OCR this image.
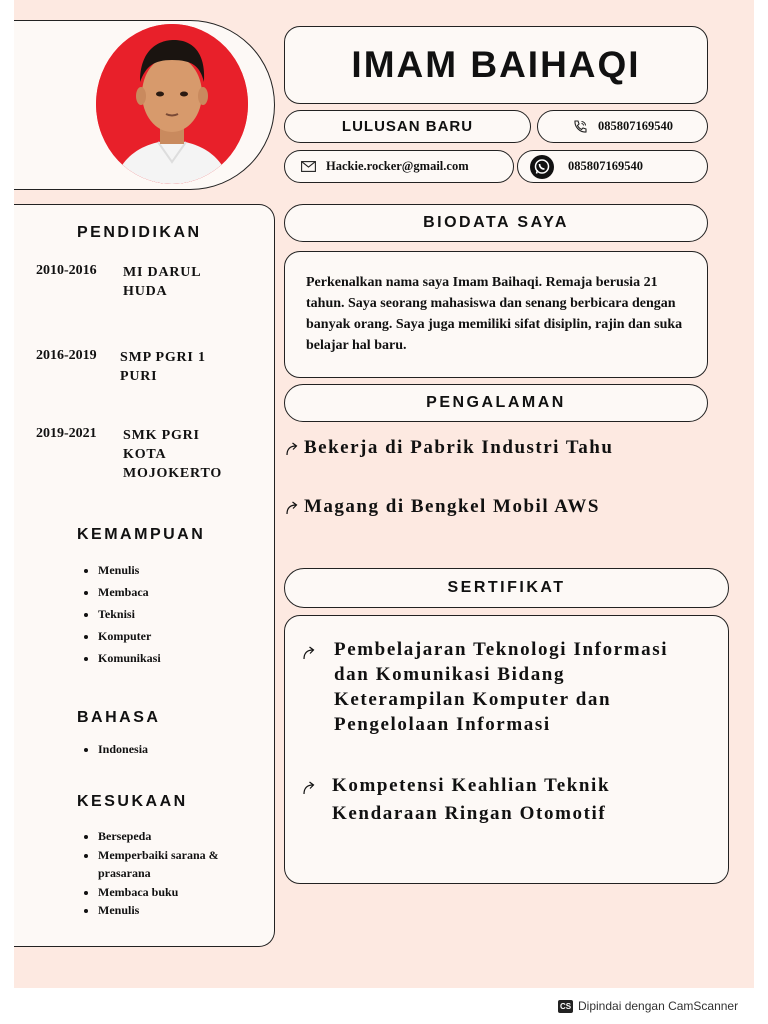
PENDIDIKAN
2010-2016 MI DARUL HUDA
2016-2019 SMP PGRI 1 PURI
2019-2021 SMK PGRI KOTA MOJOKERTO
KEMAMPUAN
• Menulis
• Membaca
• Teknisi
• Komputer
• Komunikasi
BAHASA
• Indonesia
KESUKAAN
• Bersepeda
• Memperbaiki sarana & prasarana
• Membaca buku
• Menulis
IMAM BAIHAQI
LULUSAN BARU	085807169540
Hackie.rocker@gmail.com	085807169540
BIODATA SAYA
Perkenalkan nama saya Imam Baihaqi. Remaja berusia 21 tahun. Saya seorang mahasiswa dan senang berbicara dengan banyak orang. Saya juga memiliki sifat disiplin, rajin dan suka belajar hal baru.
PENGALAMAN
Bekerja di Pabrik Industri Tahu
Magang di Bengkel Mobil AWS
SERTIFIKAT
Pembelajaran Teknologi Informasi dan Komunikasi Bidang Keterampilan Komputer dan Pengelolaan Informasi
Kompetensi Keahlian Teknik Kendaraan Ringan Otomotif
CS Dipindai dengan CamScanner
